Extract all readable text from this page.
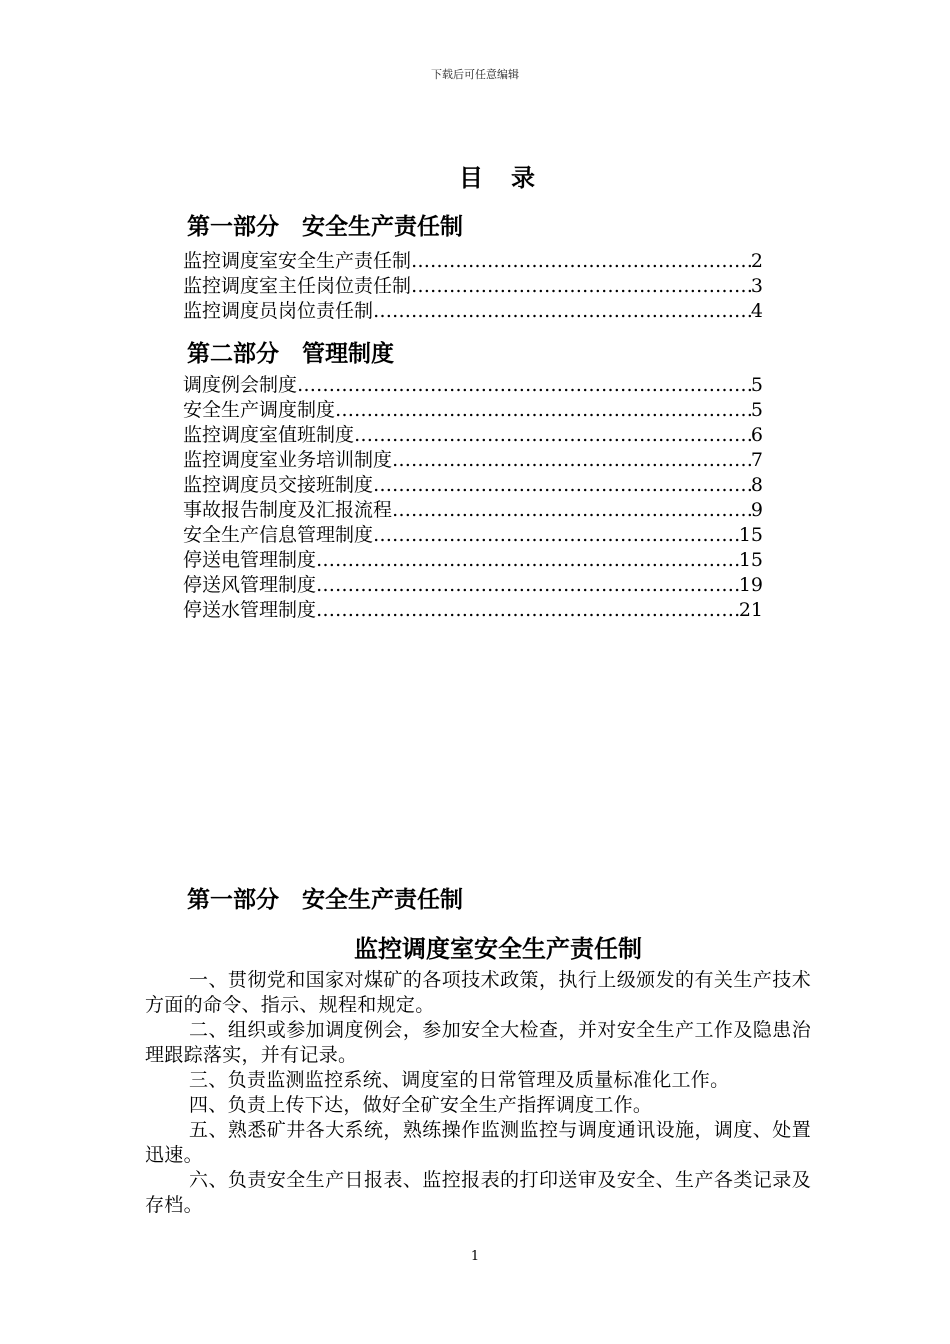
下载后可任意编辑
目　录
第一部分　安全生产责任制
监控调度室安全生产责任制 …………………………………………………………………………………………………………………………	2
监控调度室主任岗位责任制 …………………………………………………………………………………………………………………………	3
监控调度员岗位责任制 …………………………………………………………………………………………………………………………	4
第二部分　管理制度
调度例会制度 …………………………………………………………………………………………………………………………	5
安全生产调度制度 …………………………………………………………………………………………………………………………	5
监控调度室值班制度 …………………………………………………………………………………………………………………………	6
监控调度室业务培训制度 …………………………………………………………………………………………………………………………	7
监控调度员交接班制度 …………………………………………………………………………………………………………………………	8
事故报告制度及汇报流程 …………………………………………………………………………………………………………………………	9
安全生产信息管理制度 …………………………………………………………………………………………………………………………	15
停送电管理制度 …………………………………………………………………………………………………………………………	15
停送风管理制度 …………………………………………………………………………………………………………………………	19
停送水管理制度 …………………………………………………………………………………………………………………………	21
第一部分　安全生产责任制
监控调度室安全生产责任制

一、贯彻党和国家对煤矿的各项技术政策，执行上级颁发的有关生产技术方面的命令、指示、规程和规定。

二、组织或参加调度例会，参加安全大检查，并对安全生产工作及隐患治理跟踪落实，并有记录。

三、负责监测监控系统、调度室的日常管理及质量标准化工作。

四、负责上传下达，做好全矿安全生产指挥调度工作。

五、熟悉矿井各大系统，熟练操作监测监控与调度通讯设施，调度、处置迅速。

六、负责安全生产日报表、监控报表的打印送审及安全、生产各类记录及存档。

1
